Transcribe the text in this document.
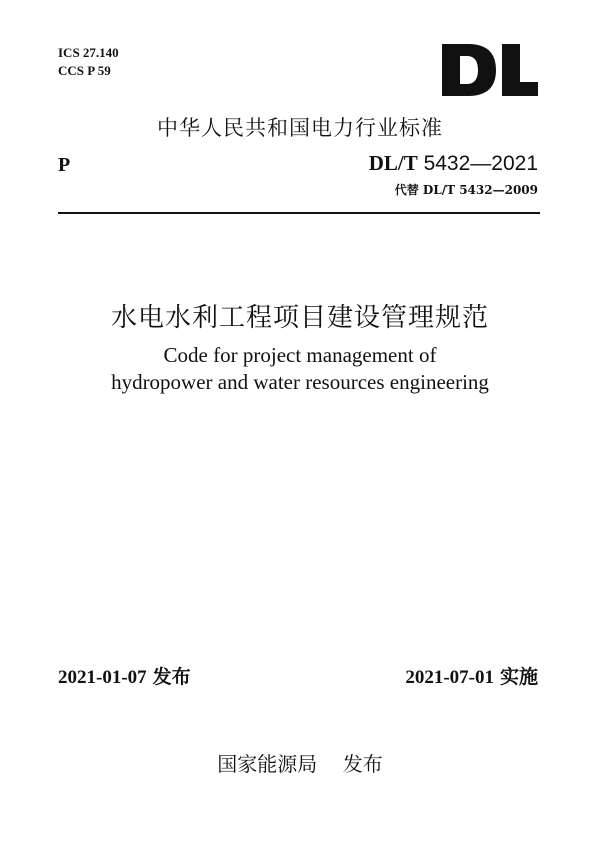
ICS 27.140
CCS P 59
DL
中华人民共和国电力行业标准
P	DL/T 5432—2021
代替 DL/T 5432—2009
水电水利工程项目建设管理规范
Code for project management of
hydropower and water resources engineering
2021-01-07 发布	2021-07-01 实施
国家能源局 发布
